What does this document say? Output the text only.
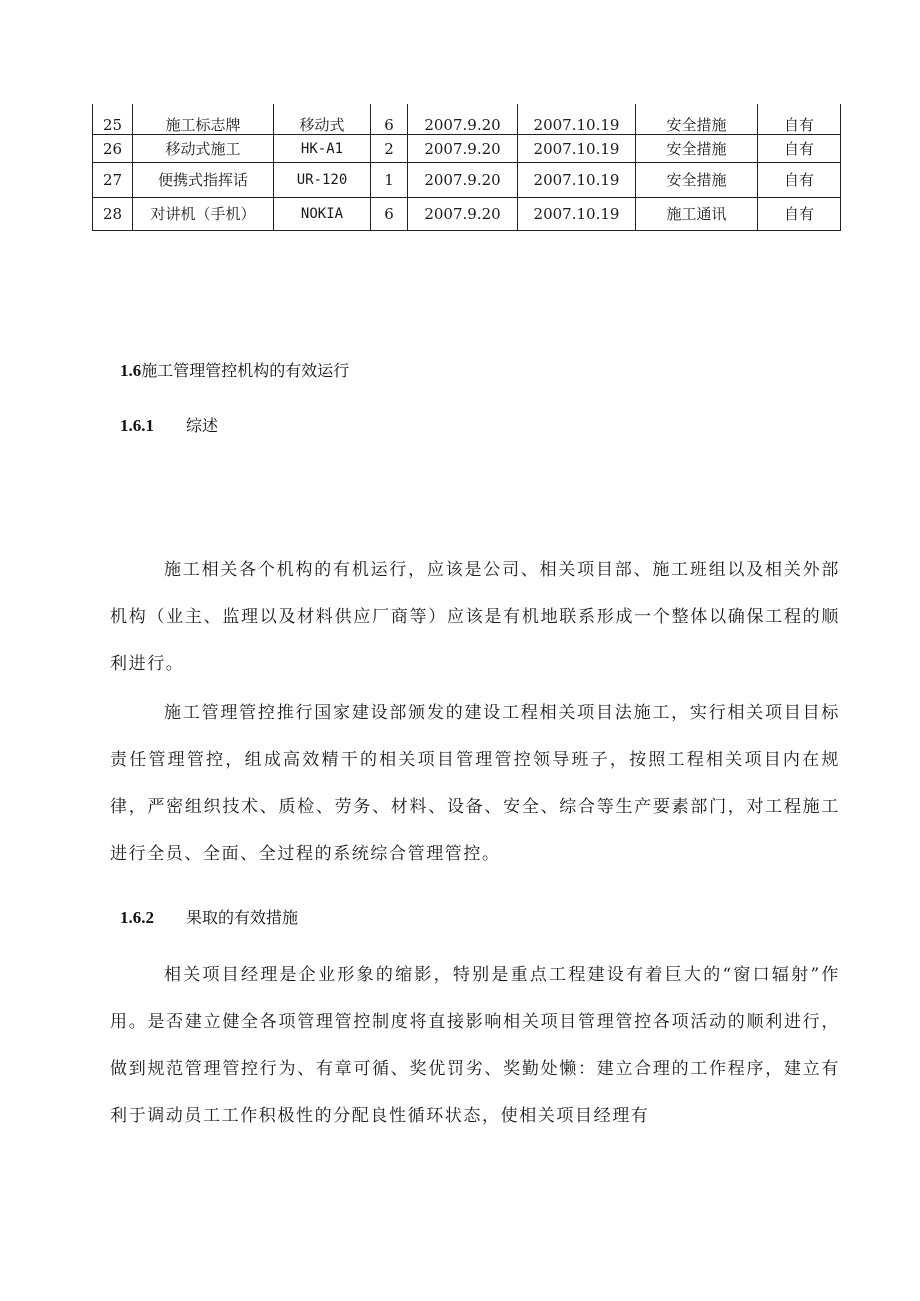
25	施工标志牌	移动式	6	2007.9.20	2007.10.19	安全措施	自有
26	移动式施工	HK-A1	2	2007.9.20	2007.10.19	安全措施	自有
27	便携式指挥话	UR-120	1	2007.9.20	2007.10.19	安全措施	自有
28	对讲机（手机）	NOKIA	6	2007.9.20	2007.10.19	施工通讯	自有
1.6施工管理管控机构的有效运行
1.6.1 综述

施工相关各个机构的有机运行，应该是公司、相关项目部、施工班组以及相关外部机构（业主、监理以及材料供应厂商等）应该是有机地联系形成一个整体以确保工程的顺利进行。

施工管理管控推行国家建设部颁发的建设工程相关项目法施工，实行相关项目目标责任管理管控，组成高效精干的相关项目管理管控领导班子，按照工程相关项目内在规律，严密组织技术、质检、劳务、材料、设备、安全、综合等生产要素部门，对工程施工进行全员、全面、全过程的系统综合管理管控。

1.6.2 果取的有效措施

相关项目经理是企业形象的缩影，特别是重点工程建设有着巨大的“窗口辐射”作用。是否建立健全各项管理管控制度将直接影响相关项目管理管控各项活动的顺利进行，做到规范管理管控行为、有章可循、奖优罚劣、奖勤处懒：建立合理的工作程序，建立有利于调动员工工作积极性的分配良性循环状态，使相关项目经理有
